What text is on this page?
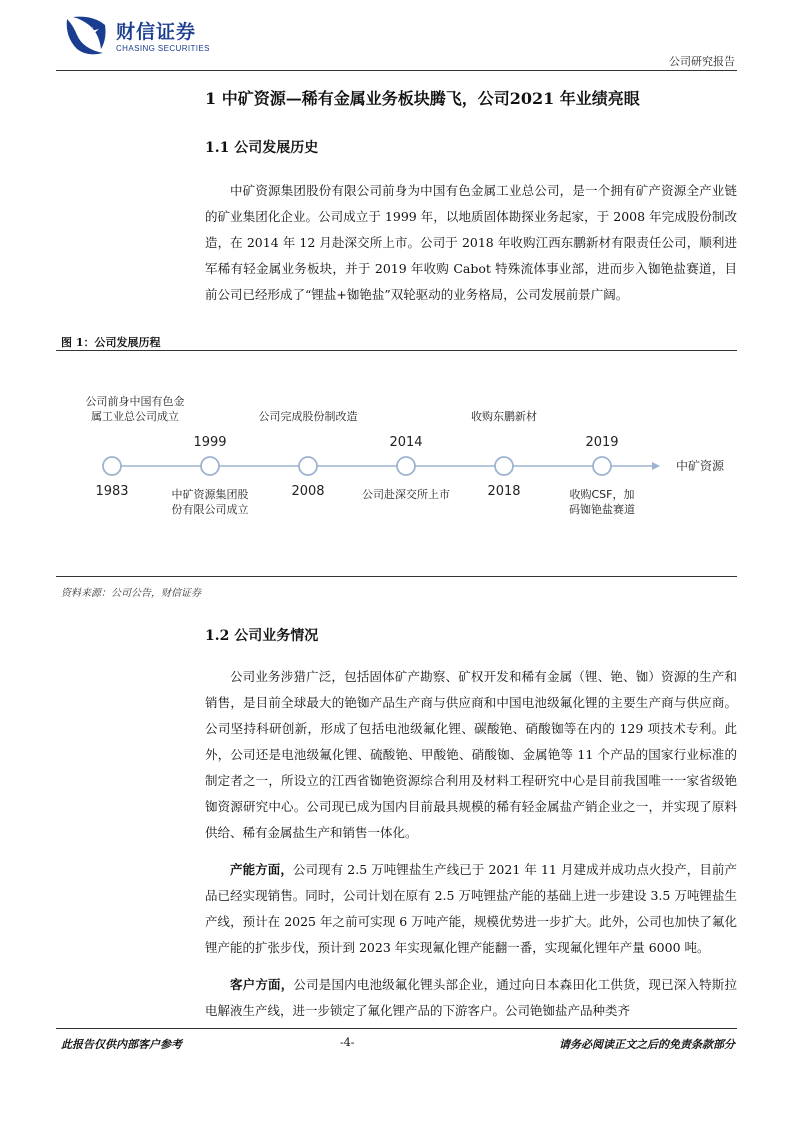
财信证券
CHASING SECURITIES
公司研究报告
1 中矿资源—稀有金属业务板块腾飞，公司2021 年业绩亮眼
1.1 公司发展历史

中矿资源集团股份有限公司前身为中国有色金属工业总公司，是一个拥有矿产资源全产业链的矿业集团化企业。公司成立于 1999 年，以地质固体勘探业务起家，于 2008 年完成股份制改造，在 2014 年 12 月赴深交所上市。公司于 2018 年收购江西东鹏新材有限责任公司，顺利进军稀有轻金属业务板块，并于 2019 年收购 Cabot 特殊流体事业部，进而步入铷铯盐赛道，目前公司已经形成了“锂盐+铷铯盐”双轮驱动的业务格局，公司发展前景广阔。

图 1：公司发展历程
中矿资源
1983
公司前身中国有色金
属工业总公司成立
1999
中矿资源集团股
份有限公司成立
2008
公司完成股份制改造
2014
公司赴深交所上市	2018
收购东鹏新材
2019
收购CSF，加
码铷铯盐赛道
资料来源：公司公告，财信证券
1.2 公司业务情况

公司业务涉猎广泛，包括固体矿产勘察、矿权开发和稀有金属（锂、铯、铷）资源的生产和销售，是目前全球最大的铯铷产品生产商与供应商和中国电池级氟化锂的主要生产商与供应商。公司坚持科研创新，形成了包括电池级氟化锂、碳酸铯、硝酸铷等在内的 129 项技术专利。此外，公司还是电池级氟化锂、硫酸铯、甲酸铯、硝酸铷、金属铯等 11 个产品的国家行业标准的制定者之一，所设立的江西省铷铯资源综合利用及材料工程研究中心是目前我国唯一一家省级铯铷资源研究中心。公司现已成为国内目前最具规模的稀有轻金属盐产销企业之一，并实现了原料供给、稀有金属盐生产和销售一体化。

产能方面，公司现有 2.5 万吨锂盐生产线已于 2021 年 11 月建成并成功点火投产，目前产品已经实现销售。同时，公司计划在原有 2.5 万吨锂盐产能的基础上进一步建设 3.5 万吨锂盐生产线，预计在 2025 年之前可实现 6 万吨产能，规模优势进一步扩大。此外，公司也加快了氟化锂产能的扩张步伐，预计到 2023 年实现氟化锂产能翻一番，实现氟化锂年产量 6000 吨。

客户方面，公司是国内电池级氟化锂头部企业，通过向日本森田化工供货，现已深入特斯拉电解液生产线，进一步锁定了氟化锂产品的下游客户。公司铯铷盐产品种类齐

此报告仅供内部客户参考	-4-	请务必阅读正文之后的免责条款部分
